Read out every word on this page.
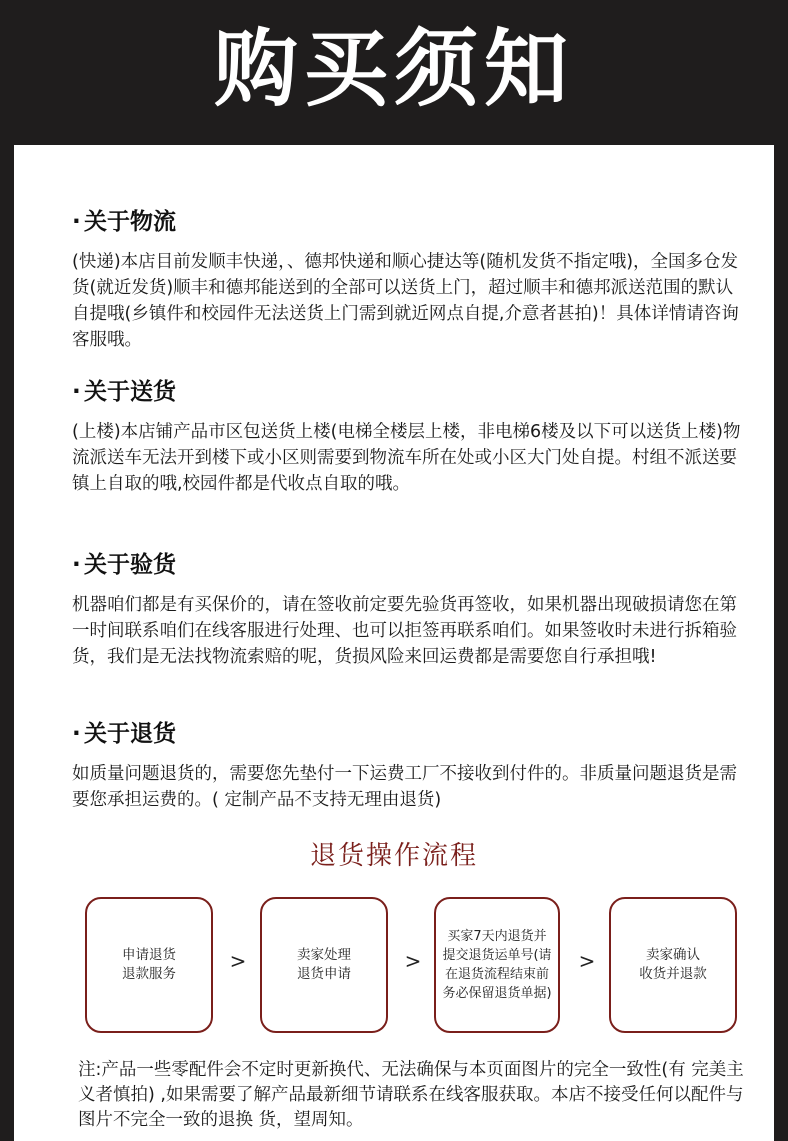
购买须知
· 关于物流
(快递)本店目前发顺丰快递，、德邦快递和顺心捷达等(随机发货不指定哦)，全国多仓发货(就近发货)顺丰和德邦能送到的全部可以送货上门，超过顺丰和德邦派送范围的默认自提哦(乡镇件和校园件无法送货上门需到就近网点自提,介意者甚拍)！具体详情请咨询客服哦。
· 关于送货
(上楼)本店铺产品市区包送货上楼(电梯全楼层上楼，非电梯6楼及以下可以送货上楼)物流派送车无法开到楼下或小区则需要到物流车所在处或小区大门处自提。村组不派送要镇上自取的哦,校园件都是代收点自取的哦。
· 关于验货
机器咱们都是有买保价的，请在签收前定要先验货再签收，如果机器出现破损请您在第一时间联系咱们在线客服进行处理、也可以拒签再联系咱们。如果签收时未进行拆箱验货，我们是无法找物流索赔的呢，货损风险来回运费都是需要您自行承担哦!
· 关于退货
如质量问题退货的，需要您先垫付一下运费工厂不接收到付件的。非质量问题退货是需要您承担运费的。( 定制产品不支持无理由退货)
退货操作流程
申请退货
退款服务
>	卖家处理
退货申请
>
买家7天内退货并提交退货运单号(请在退货流程结束前务必保留退货单据)
>	卖家确认
收货并退款
注:产品一些零配件会不定时更新换代、无法确保与本页面图片的完全一致性(有 完美主义者慎拍) ,如果需要了解产品最新细节请联系在线客服获取。本店不接受任何以配件与图片不完全一致的退换 货，望周知。
